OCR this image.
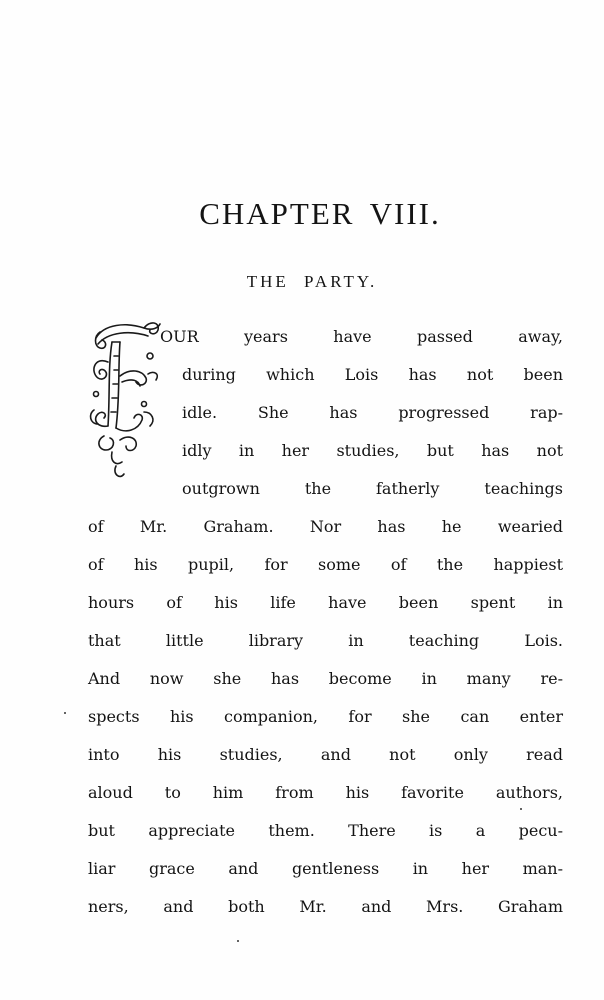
CHAPTER VIII.
THE PARTY.
OUR years have passed away,
during which Lois has not been
idle. She has progressed rap-
idly in her studies, but has not
outgrown the fatherly teachings
of Mr. Graham. Nor has he wearied
of his pupil, for some of the happiest
hours of his life have been spent in
that little library in teaching Lois.
And now she has become in many re-
spects his companion, for she can enter
into his studies, and not only read
aloud to him from his favorite authors,
but appreciate them. There is a pecu-
liar grace and gentleness in her man-
ners, and both Mr. and Mrs. Graham
